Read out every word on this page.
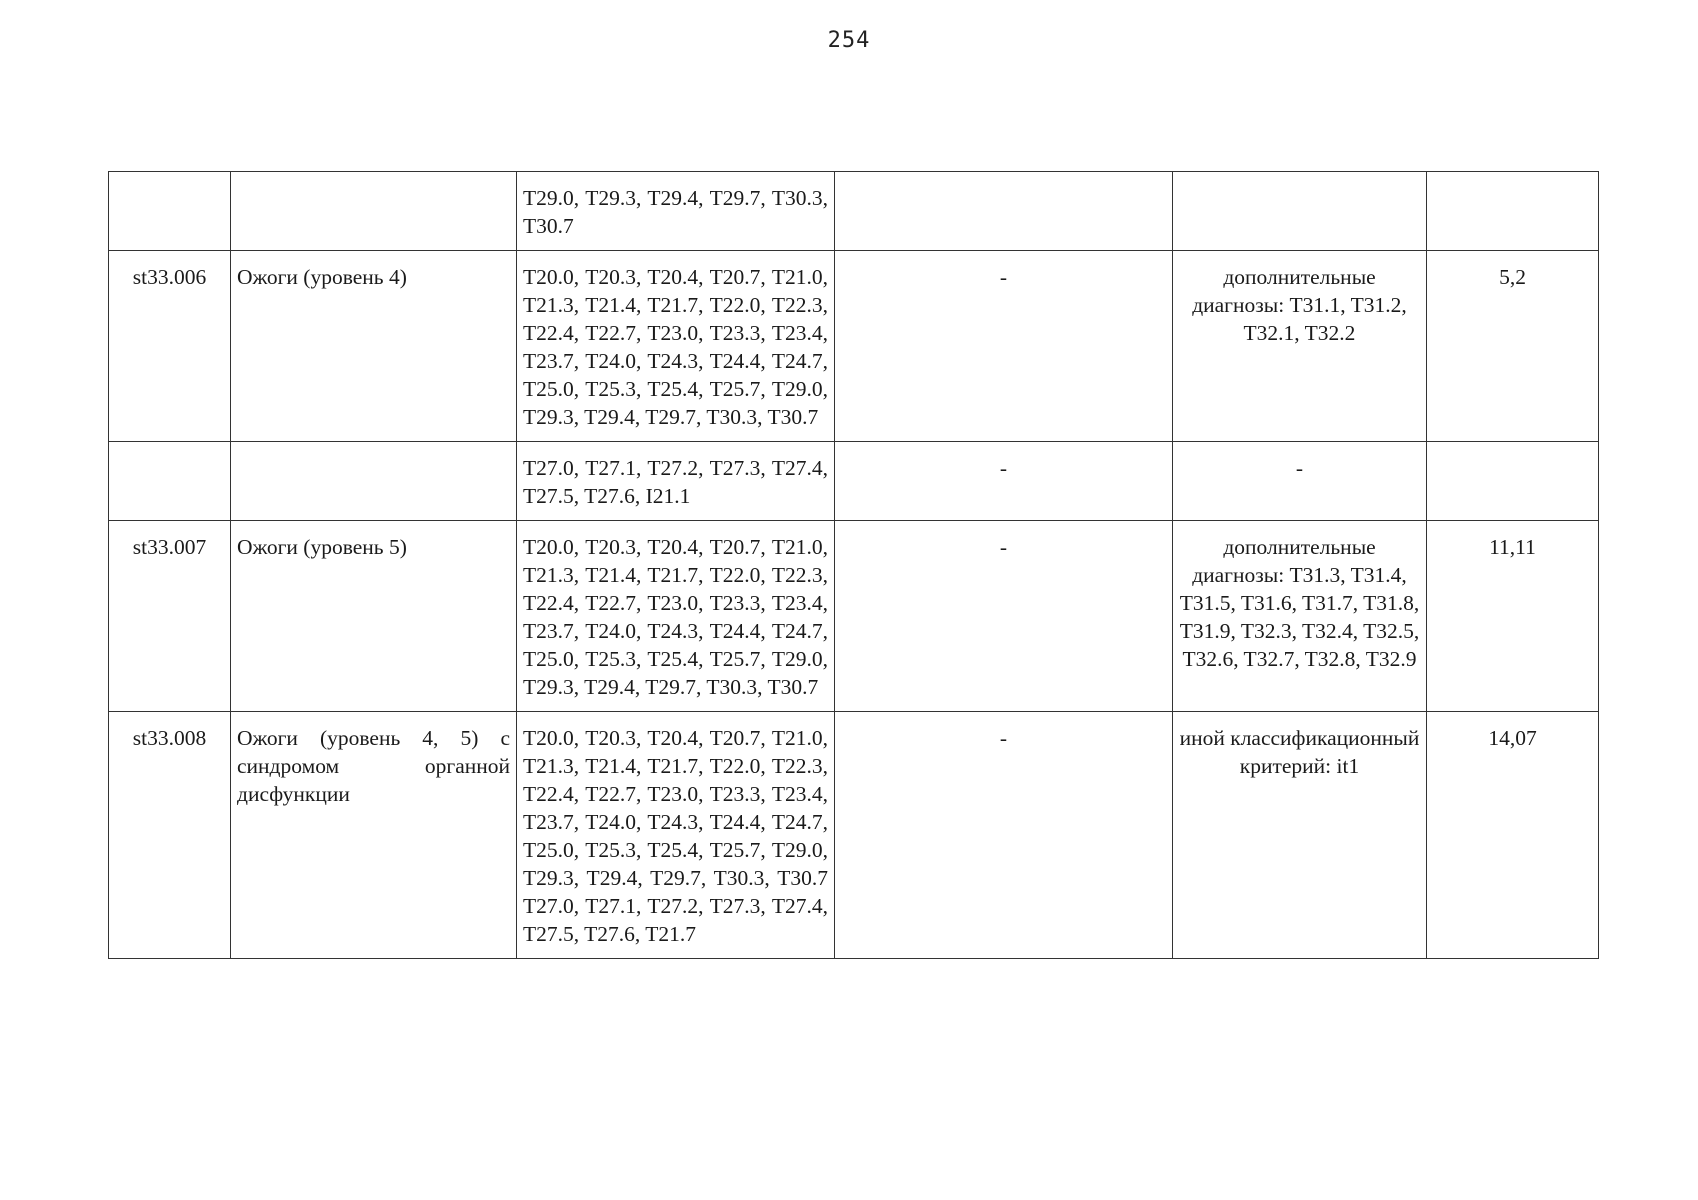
254
		T29.0, T29.3, T29.4, T29.7, T30.3, T30.7			
st33.006	Ожоги (уровень 4)	T20.0, T20.3, T20.4, T20.7, T21.0, T21.3, T21.4, T21.7, T22.0, T22.3, T22.4, T22.7, T23.0, T23.3, T23.4, T23.7, T24.0, T24.3, T24.4, T24.7, T25.0, T25.3, T25.4, T25.7, T29.0, T29.3, T29.4, T29.7, T30.3, T30.7	-	дополнительные диагнозы: T31.1, T31.2, T32.1, T32.2	5,2
		T27.0, T27.1, T27.2, T27.3, T27.4, T27.5, T27.6, I21.1	-	-	
st33.007	Ожоги (уровень 5)	T20.0, T20.3, T20.4, T20.7, T21.0, T21.3, T21.4, T21.7, T22.0, T22.3, T22.4, T22.7, T23.0, T23.3, T23.4, T23.7, T24.0, T24.3, T24.4, T24.7, T25.0, T25.3, T25.4, T25.7, T29.0, T29.3, T29.4, T29.7, T30.3, T30.7	-	дополнительные диагнозы: T31.3, T31.4, T31.5, T31.6, T31.7, T31.8, T31.9, T32.3, T32.4, T32.5, T32.6, T32.7, T32.8, T32.9	11,11
st33.008	Ожоги (уровень 4, 5) с синдромом органной дисфункции	T20.0, T20.3, T20.4, T20.7, T21.0, T21.3, T21.4, T21.7, T22.0, T22.3, T22.4, T22.7, T23.0, T23.3, T23.4, T23.7, T24.0, T24.3, T24.4, T24.7, T25.0, T25.3, T25.4, T25.7, T29.0, T29.3, T29.4, T29.7, T30.3, T30.7 T27.0, T27.1, T27.2, T27.3, T27.4, T27.5, T27.6, T21.7	-	иной классификационный критерий: it1	14,07
